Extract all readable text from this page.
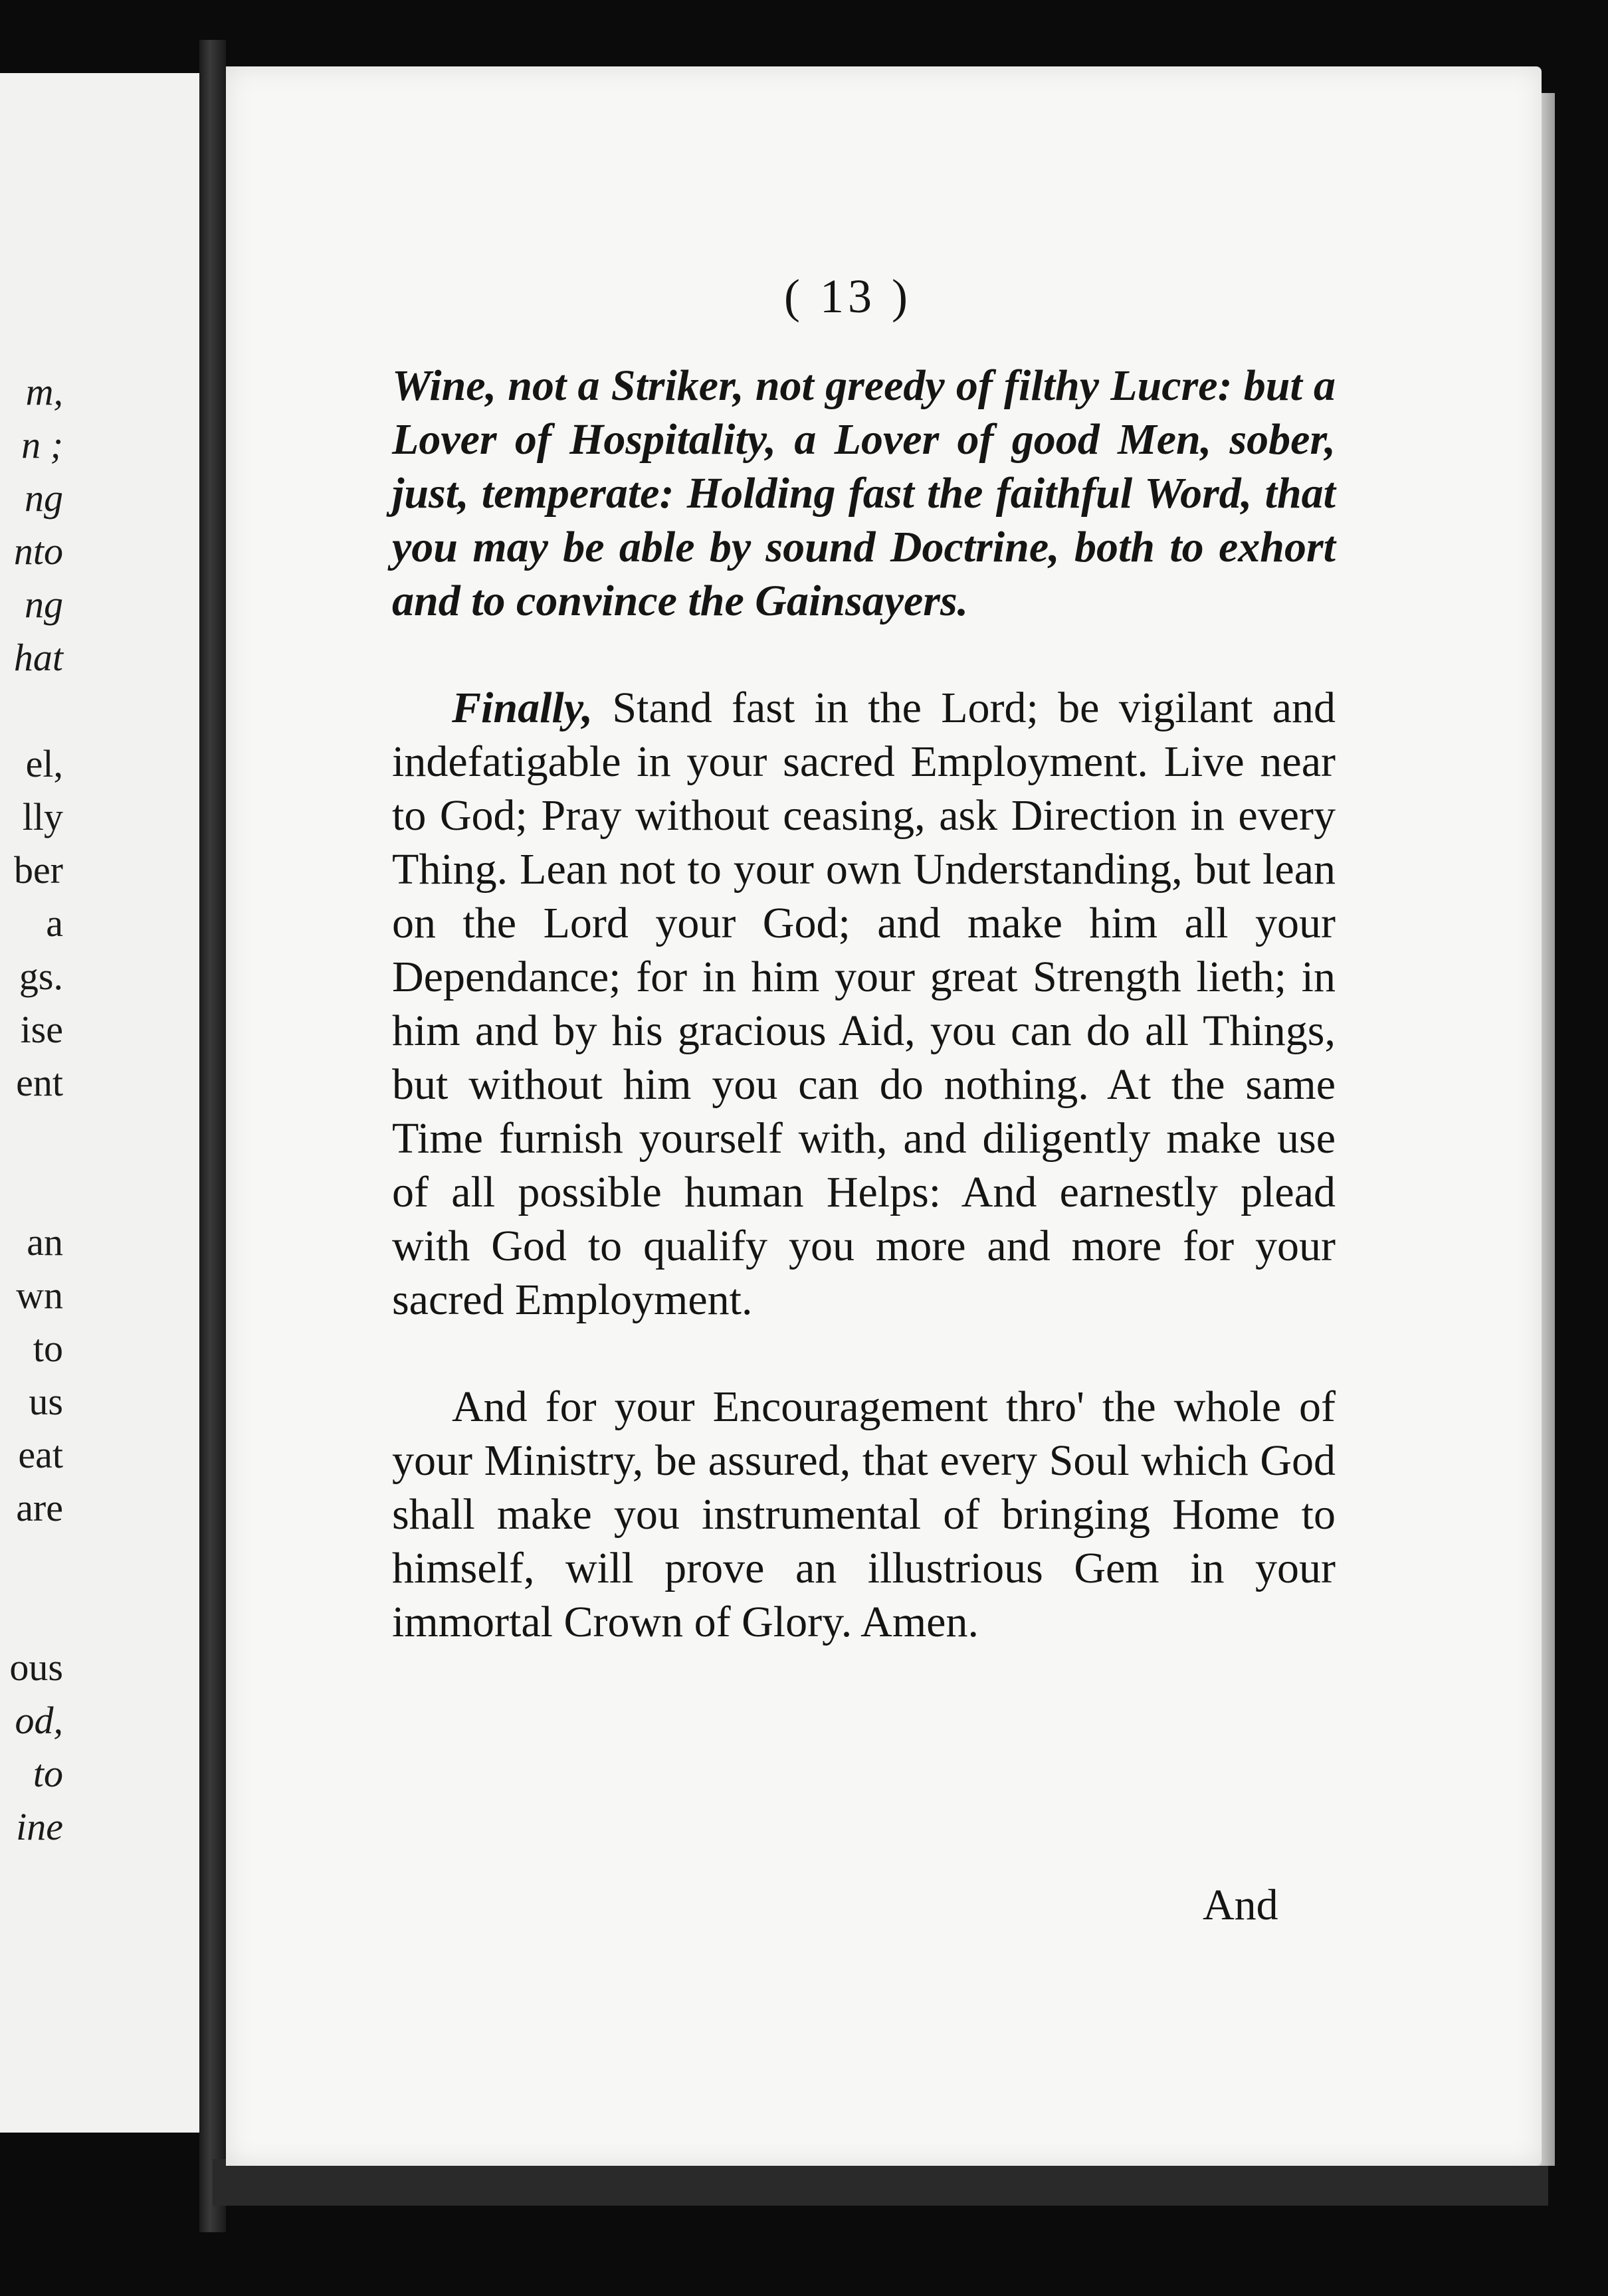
m,
n ;
ng
nto
ng
hat
el,
lly
ber
a
gs.
ise
ent
an
wn
to
us
eat
are
ous
od,
to
ine
( 13 )

Wine, not a Striker, not greedy of filthy Lucre: but a Lover of Hospitality, a Lover of good Men, sober, just, temperate: Holding fast the faithful Word, that you may be able by sound Doctrine, both to exhort and to convince the Gainsayers.

Finally, Stand fast in the Lord; be vigilant and indefatigable in your sacred Employment. Live near to God; Pray without ceasing, ask Direction in every Thing. Lean not to your own Understanding, but lean on the Lord your God; and make him all your Dependance; for in him your great Strength lieth; in him and by his gracious Aid, you can do all Things, but without him you can do nothing. At the same Time furnish yourself with, and diligently make use of all possible human Helps: And earnestly plead with God to qualify you more and more for your sacred Employment.

And for your Encouragement thro' the whole of your Ministry, be assured, that every Soul which God shall make you instrumental of bringing Home to himself, will prove an illustrious Gem in your immortal Crown of Glory. Amen.

And
